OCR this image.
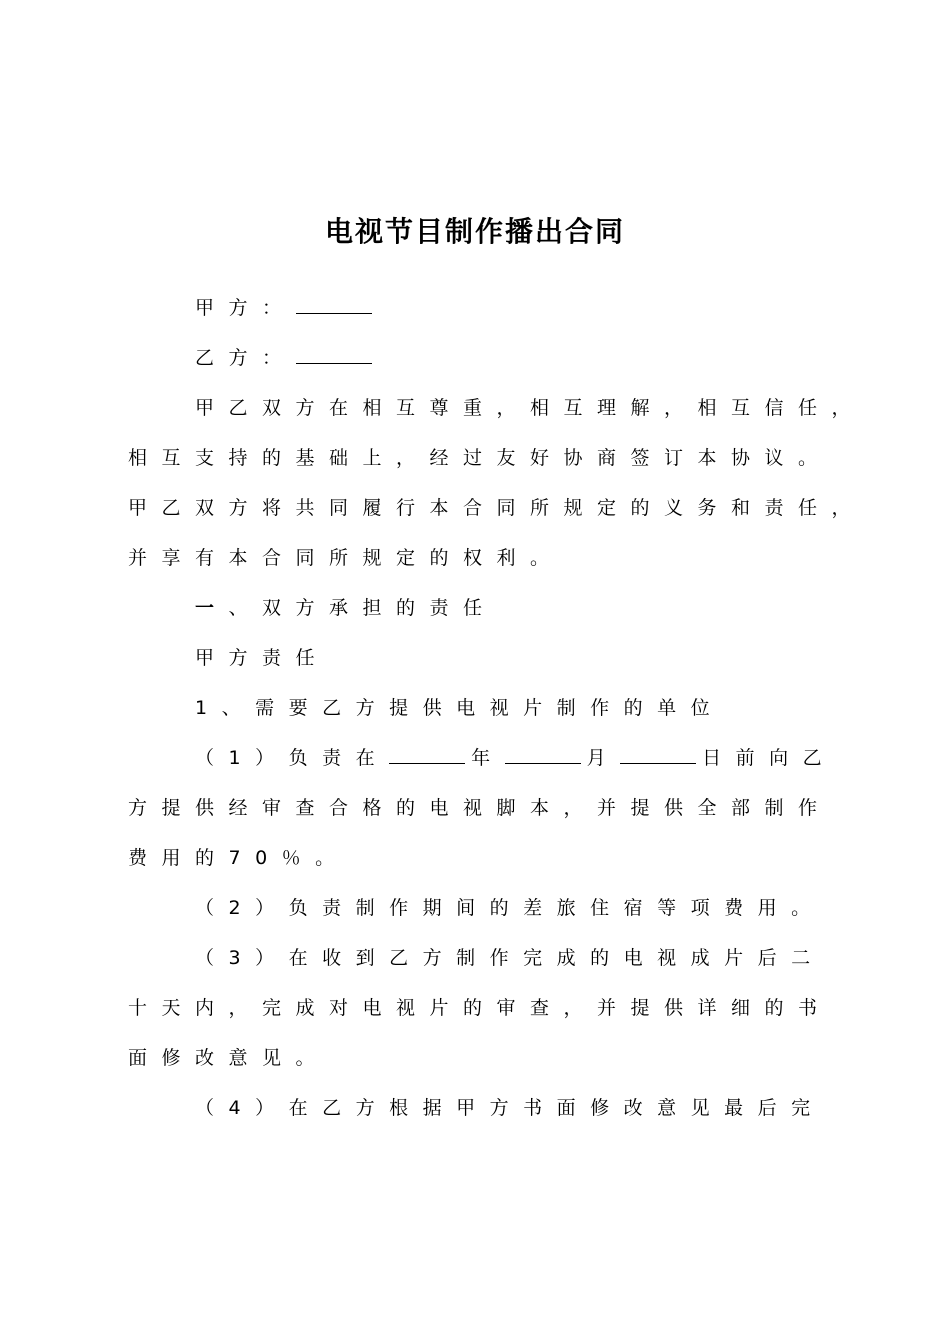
电视节目制作播出合同
甲方：
乙方：
甲乙双方在相互尊重，相互理解，相互信任，
相互支持的基础上，经过友好协商签订本协议。
甲乙双方将共同履行本合同所规定的义务和责任，
并享有本合同所规定的权利。
一、双方承担的责任
甲方责任
1、需要乙方提供电视片制作的单位
（1）负责在	年	月	日前向乙
方提供经审查合格的电视脚本，并提供全部制作
费用的70％。
（2）负责制作期间的差旅住宿等项费用。
（3）在收到乙方制作完成的电视成片后二
十天内，完成对电视片的审查，并提供详细的书
面修改意见。
（4）在乙方根据甲方书面修改意见最后完
